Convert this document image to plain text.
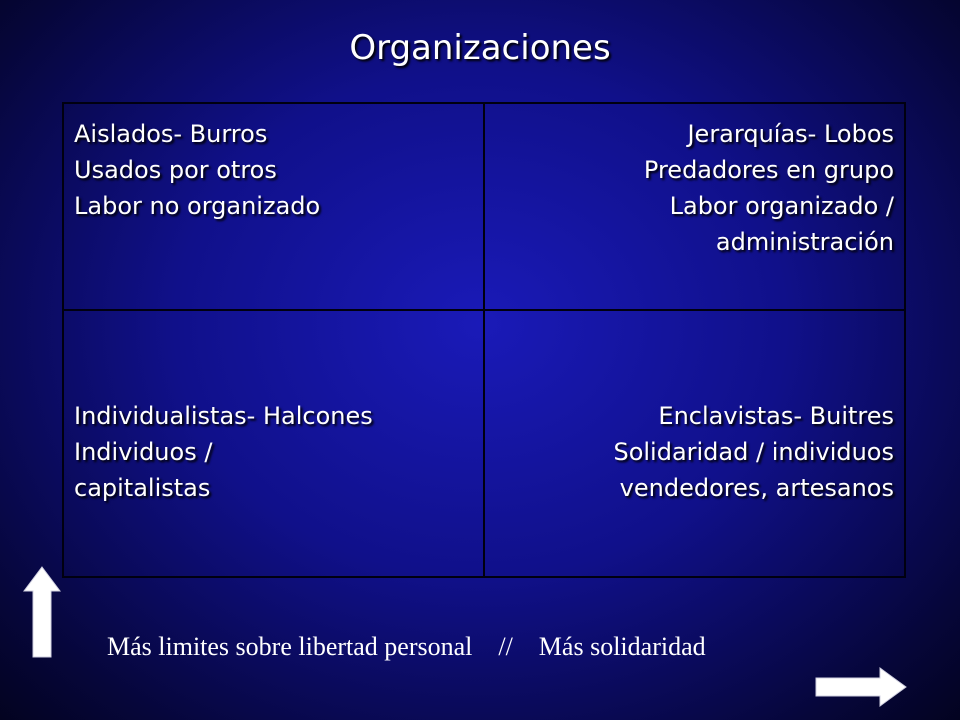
Organizaciones
Aislados- Burros
Usados por otros
Labor no organizado
Jerarquías- Lobos
Predadores en grupo
Labor organizado /
administración
Individualistas- Halcones
Individuos /
capitalistas
Enclavistas- Buitres
Solidaridad / individuos
vendedores, artesanos
Más limites sobre libertad personal    //    Más solidaridad
